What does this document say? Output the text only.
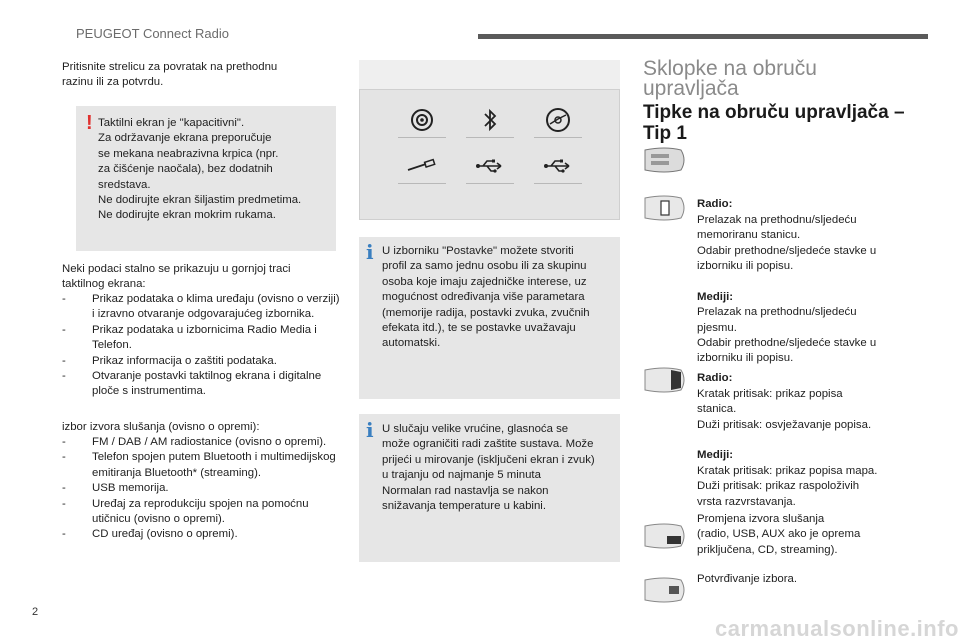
PEUGEOT Connect Radio
Pritisnite strelicu za povratak na prethodnu
razinu ili za potvrdu.
! Taktilni ekran je "kapacitivni".
Za održavanje ekrana preporučuje
se mekana neabrazivna krpica (npr.
za čišćenje naočala), bez dodatnih
sredstava.
Ne dodirujte ekran šiljastim predmetima.
Ne dodirujte ekran mokrim rukama.
Neki podaci stalno se prikazuju u gornjoj traci
taktilnog ekrana:
- Prikaz podataka o klima uređaju (ovisno o verziji) i izravno otvaranje odgovarajućeg izbornika.
- Prikaz podataka u izbornicima Radio Media i Telefon.
- Prikaz informacija o zaštiti podataka.
- Otvaranje postavki taktilnog ekrana i digitalne ploče s instrumentima.
izbor izvora slušanja (ovisno o opremi):
- FM / DAB / AM radiostanice (ovisno o opremi).
- Telefon spojen putem Bluetooth i multimedijskog emitiranja Bluetooth* (streaming).
- USB memorija.
- Uređaj za reprodukciju spojen na pomoćnu utičnicu (ovisno o opremi).
- CD uređaj (ovisno o opremi).
i U izborniku "Postavke" možete stvoriti
profil za samo jednu osobu ili za skupinu
osoba koje imaju zajedničke interese, uz
mogućnost određivanja više parametara
(memorije radija, postavki zvuka, zvučnih
efekata itd.), te se postavke uvažavaju
automatski.
i U slučaju velike vrućine, glasnoća se
može ograničiti radi zaštite sustava. Može
prijeći u mirovanje (isključeni ekran i zvuk)
u trajanju od najmanje 5 minuta
Normalan rad nastavlja se nakon
snižavanja temperature u kabini.
Sklopke na obruču
upravljača
Tipke na obruču upravljača –
Tip 1

Radio:

Prelazak na prethodnu/sljedeću
memoriranu stanicu.
Odabir prethodne/sljedeće stavke u
izborniku ili popisu.

Mediji:

Prelazak na prethodnu/sljedeću
pjesmu.
Odabir prethodne/sljedeće stavke u
izborniku ili popisu.

Radio:

Kratak pritisak: prikaz popisa
stanica.
Duži pritisak: osvježavanje popisa.

Mediji:

Kratak pritisak: prikaz popisa mapa.
Duži pritisak: prikaz raspoloživih
vrsta razvrstavanja.

Promjena izvora slušanja
(radio, USB, AUX ako je oprema
priključena, CD, streaming).
Potvrđivanje izbora.
2
carmanualsonline.info
